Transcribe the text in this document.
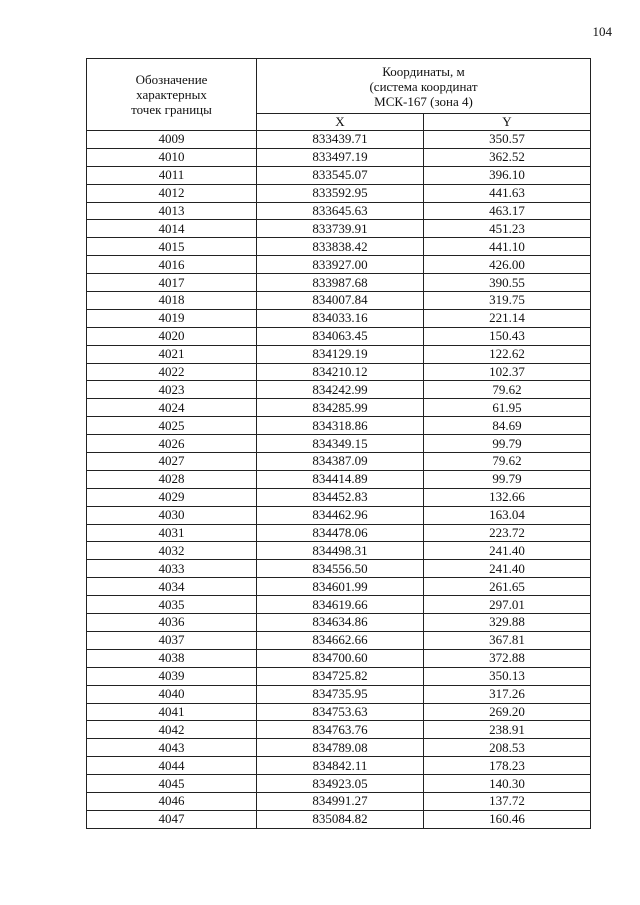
104
Обозначение
характерных
точек границы	Координаты, м
(система координат
МСК-167 (зона 4)	

	X	Y
4009	833439.71	350.57
4010	833497.19	362.52
4011	833545.07	396.10
4012	833592.95	441.63
4013	833645.63	463.17
4014	833739.91	451.23
4015	833838.42	441.10
4016	833927.00	426.00
4017	833987.68	390.55
4018	834007.84	319.75
4019	834033.16	221.14
4020	834063.45	150.43
4021	834129.19	122.62
4022	834210.12	102.37
4023	834242.99	79.62
4024	834285.99	61.95
4025	834318.86	84.69
4026	834349.15	99.79
4027	834387.09	79.62
4028	834414.89	99.79
4029	834452.83	132.66
4030	834462.96	163.04
4031	834478.06	223.72
4032	834498.31	241.40
4033	834556.50	241.40
4034	834601.99	261.65
4035	834619.66	297.01
4036	834634.86	329.88
4037	834662.66	367.81
4038	834700.60	372.88
4039	834725.82	350.13
4040	834735.95	317.26
4041	834753.63	269.20
4042	834763.76	238.91
4043	834789.08	208.53
4044	834842.11	178.23
4045	834923.05	140.30
4046	834991.27	137.72
4047	835084.82	160.46
